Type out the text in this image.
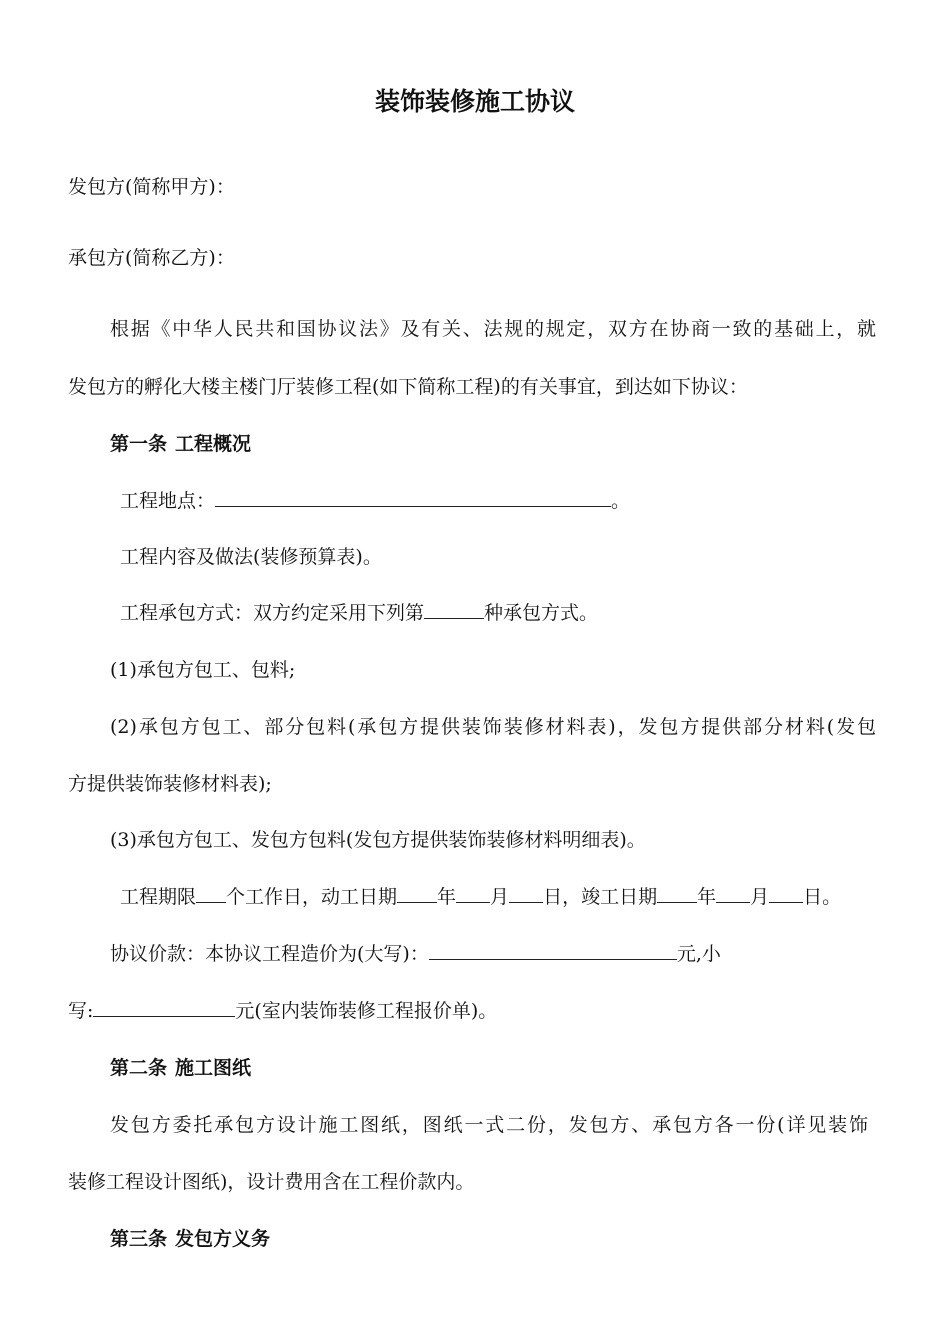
装饰装修施工协议
发包方(简称甲方)：
承包方(简称乙方)：
根据《中华人民共和国协议法》及有关、法规的规定，双方在协商一致的基础上，就
发包方的孵化大楼主楼门厅装修工程(如下简称工程)的有关事宜，到达如下协议：
第一条 工程概况
工程地点：	。
工程内容及做法(装修预算表)。
工程承包方式：双方约定采用下列第	种承包方式。
(1)承包方包工、包料;
(2)承包方包工、部分包料(承包方提供装饰装修材料表)，发包方提供部分材料(发包
方提供装饰装修材料表);
(3)承包方包工、发包方包料(发包方提供装饰装修材料明细表)。
工程期限 个工作日，动工日期 年 月 日，竣工日期 年 月 日。
协议价款：本协议工程造价为(大写)：	元,小
写:	元(室内装饰装修工程报价单)。
第二条 施工图纸
发包方委托承包方设计施工图纸，图纸一式二份，发包方、承包方各一份(详见装饰
装修工程设计图纸)，设计费用含在工程价款内。
第三条 发包方义务
